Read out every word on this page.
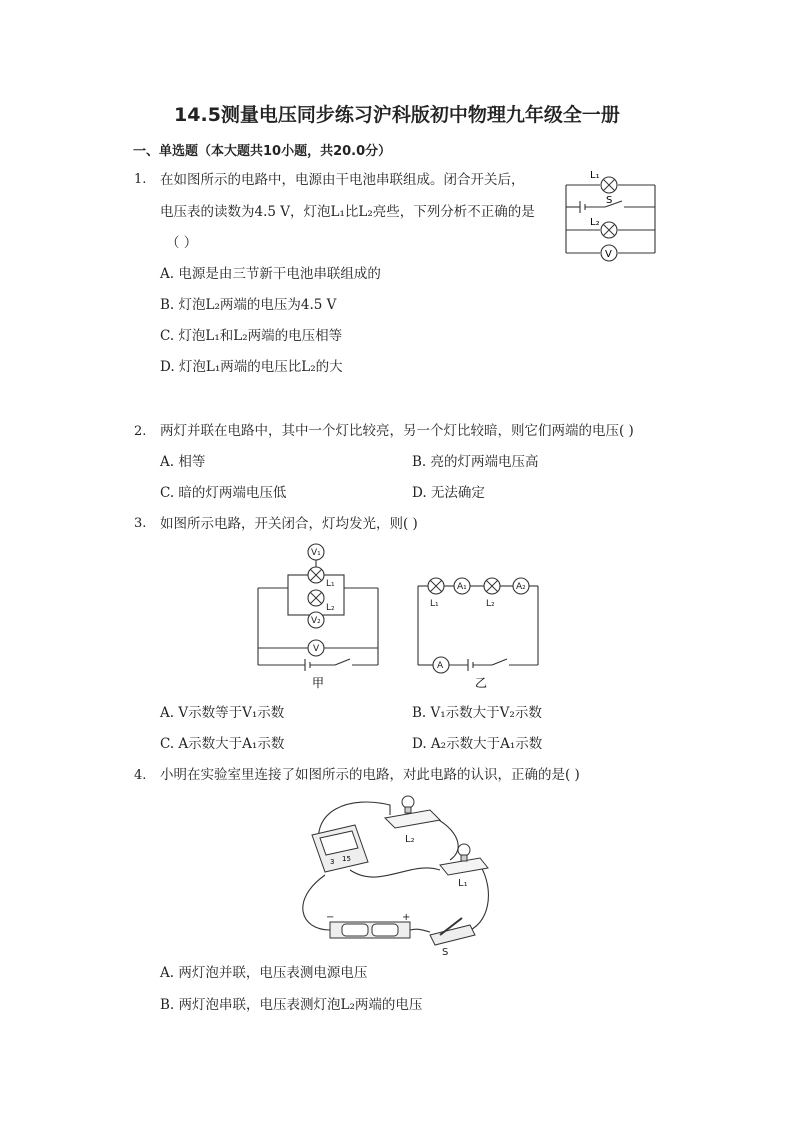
14.5测量电压同步练习沪科版初中物理九年级全一册
一、单选题（本大题共10小题，共20.0分）
1. 在如图所示的电路中，电源由干电池串联组成。闭合开关后，
电压表的读数为4.5 V，灯泡L₁比L₂亮些，下列分析不正确的是
（ ）
A. 电源是由三节新干电池串联组成的
B. 灯泡L₂两端的电压为4.5 V
C. 灯泡L₁和L₂两端的电压相等
D. 灯泡L₁两端的电压比L₂的大
L₁
S
L₂
V
2. 两灯并联在电路中，其中一个灯比较亮，另一个灯比较暗，则它们两端的电压( )
A. 相等	B. 亮的灯两端电压高
C. 暗的灯两端电压低	D. 无法确定
3. 如图所示电路，开关闭合，灯均发光，则( )
V₁
L₁
L₂
V₂
V
L₁
A₁
L₂
A₂
A
甲	乙
A. V示数等于V₁示数	B. V₁示数大于V₂示数
C. A示数大于A₁示数	D. A₂示数大于A₁示数
4. 小明在实验室里连接了如图所示的电路，对此电路的认识，正确的是( )
3 15
L₂
L₁
S
−	+
A. 两灯泡并联，电压表测电源电压
B. 两灯泡串联，电压表测灯泡L₂两端的电压
